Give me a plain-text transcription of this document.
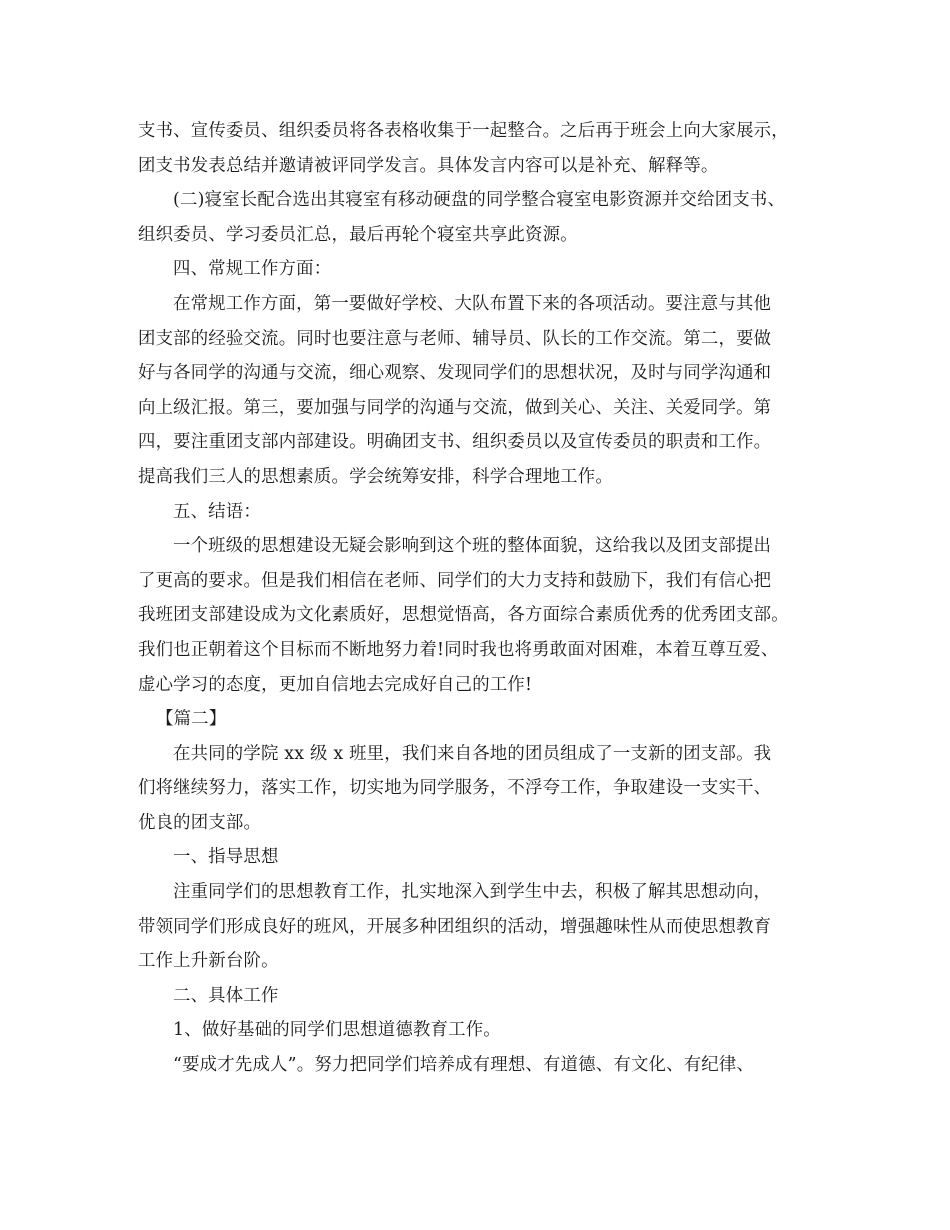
支书、宣传委员、组织委员将各表格收集于一起整合。之后再于班会上向大家展示，
团支书发表总结并邀请被评同学发言。具体发言内容可以是补充、解释等。
(二)寝室长配合选出其寝室有移动硬盘的同学整合寝室电影资源并交给团支书、
组织委员、学习委员汇总，最后再轮个寝室共享此资源。
四、常规工作方面：
在常规工作方面，第一要做好学校、大队布置下来的各项活动。要注意与其他
团支部的经验交流。同时也要注意与老师、辅导员、队长的工作交流。第二，要做
好与各同学的沟通与交流，细心观察、发现同学们的思想状况，及时与同学沟通和
向上级汇报。第三，要加强与同学的沟通与交流，做到关心、关注、关爱同学。第
四，要注重团支部内部建设。明确团支书、组织委员以及宣传委员的职责和工作。
提高我们三人的思想素质。学会统筹安排，科学合理地工作。
五、结语：
一个班级的思想建设无疑会影响到这个班的整体面貌，这给我以及团支部提出
了更高的要求。但是我们相信在老师、同学们的大力支持和鼓励下，我们有信心把
我班团支部建设成为文化素质好，思想觉悟高，各方面综合素质优秀的优秀团支部。
我们也正朝着这个目标而不断地努力着!同时我也将勇敢面对困难，本着互尊互爱、
虚心学习的态度，更加自信地去完成好自己的工作!
【篇二】
在共同的学院 xx 级 x 班里，我们来自各地的团员组成了一支新的团支部。我
们将继续努力，落实工作，切实地为同学服务，不浮夸工作，争取建设一支实干、
优良的团支部。
一、指导思想
注重同学们的思想教育工作，扎实地深入到学生中去，积极了解其思想动向，
带领同学们形成良好的班风，开展多种团组织的活动，增强趣味性从而使思想教育
工作上升新台阶。
二、具体工作
1、做好基础的同学们思想道德教育工作。
“要成才先成人”。努力把同学们培养成有理想、有道德、有文化、有纪律、
